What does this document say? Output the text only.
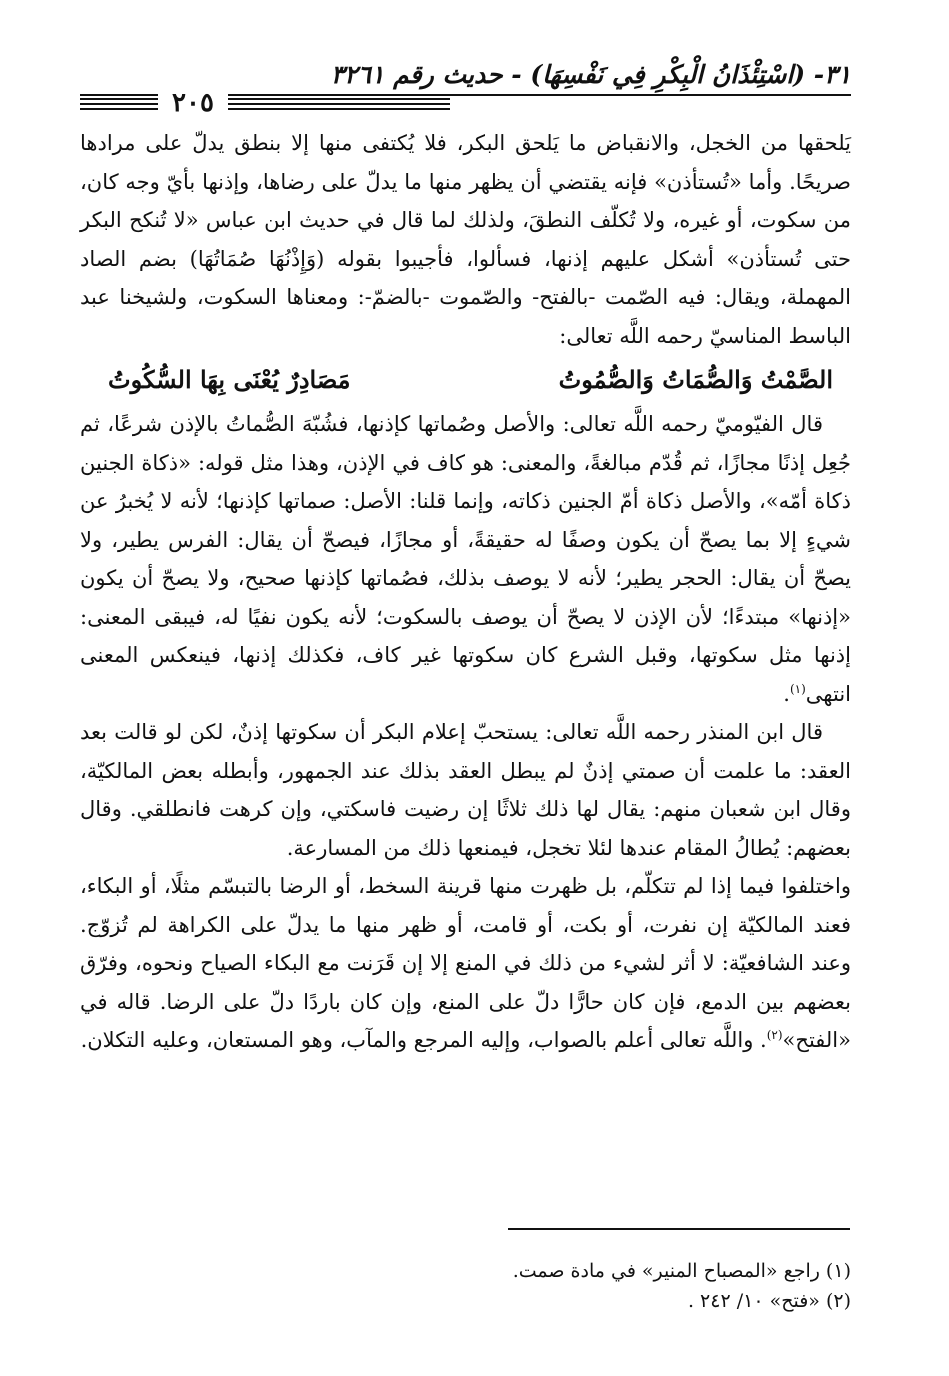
٣١- (اسْتِئْذَانُ الْبِكْرِ فِي نَفْسِهَا) - حديث رقم ٣٢٦١
٢٠٥

يَلحقها من الخجل، والانقباض ما يَلحق البكر، فلا يُكتفى منها إلا بنطق يدلّ على مرادها صريحًا. وأما «تُستأذن» فإنه يقتضي أن يظهر منها ما يدلّ على رضاها، وإذنها بأيّ وجه كان، من سكوت، أو غيره، ولا تُكلّف النطقَ، ولذلك لما قال في حديث ابن عباس «لا تُنكح البكر حتى تُستأذن» أشكل عليهم إذنها، فسألوا، فأجيبوا بقوله (وَإِذْنُهَا صُمَاتُهَا) بضم الصاد المهملة، ويقال: فيه الصّمت -بالفتح- والصّموت -بالضمّ-: ومعناها السكوت، ولشيخنا عبد الباسط المناسيّ رحمه اللَّه تعالى:

الصَّمْتُ وَالصُّمَاتُ وَالصُّمُوتُ
مَصَادِرٌ يُعْنَى بِهَا السُّكُوتُ

قال الفيّوميّ رحمه اللَّه تعالى: والأصل وصُماتها كإذنها، فشُبّهَ الصُّماتُ بالإذن شرعًا، ثم جُعِل إذنًا مجازًا، ثم قُدّم مبالغةً، والمعنى: هو كاف في الإذن، وهذا مثل قوله: «ذكاة الجنين ذكاة أمّه»، والأصل ذكاة أمّ الجنين ذكاته، وإنما قلنا: الأصل: صماتها كإذنها؛ لأنه لا يُخبرُ عن شيءٍ إلا بما يصحّ أن يكون وصفًا له حقيقةً، أو مجازًا، فيصحّ أن يقال: الفرس يطير، ولا يصحّ أن يقال: الحجر يطير؛ لأنه لا يوصف بذلك، فصُماتها كإذنها صحيح، ولا يصحّ أن يكون «إذنها» مبتدءًا؛ لأن الإذن لا يصحّ أن يوصف بالسكوت؛ لأنه يكون نفيًا له، فيبقى المعنى: إذنها مثل سكوتها، وقبل الشرع كان سكوتها غير كاف، فكذلك إذنها، فينعكس المعنى انتهى$^{(١)}$.

قال ابن المنذر رحمه اللَّه تعالى: يستحبّ إعلام البكر أن سكوتها إذنٌ، لكن لو قالت بعد العقد: ما علمت أن صمتي إذنٌ لم يبطل العقد بذلك عند الجمهور، وأبطله بعض المالكيّة، وقال ابن شعبان منهم: يقال لها ذلك ثلاثًا إن رضيت فاسكتي، وإن كرهت فانطلقي. وقال بعضهم: يُطالُ المقام عندها لئلا تخجل، فيمنعها ذلك من المسارعة.

واختلفوا فيما إذا لم تتكلّم، بل ظهرت منها قرينة السخط، أو الرضا بالتبسّم مثلًا، أو البكاء، فعند المالكيّة إن نفرت، أو بكت، أو قامت، أو ظهر منها ما يدلّ على الكراهة لم تُزوّج. وعند الشافعيّة: لا أثر لشيء من ذلك في المنع إلا إن قَرَنت مع البكاء الصياح ونحوه، وفرّق بعضهم بين الدمع، فإن كان حارًّا دلّ على المنع، وإن كان باردًا دلّ على الرضا. قاله في «الفتح»$^{(٢)}$. واللَّه تعالى أعلم بالصواب، وإليه المرجع والمآب، وهو المستعان، وعليه التكلان.

(١) راجع «المصباح المنير» في مادة صمت.
(٢) «فتح» ١٠/ ٢٤٢ .
